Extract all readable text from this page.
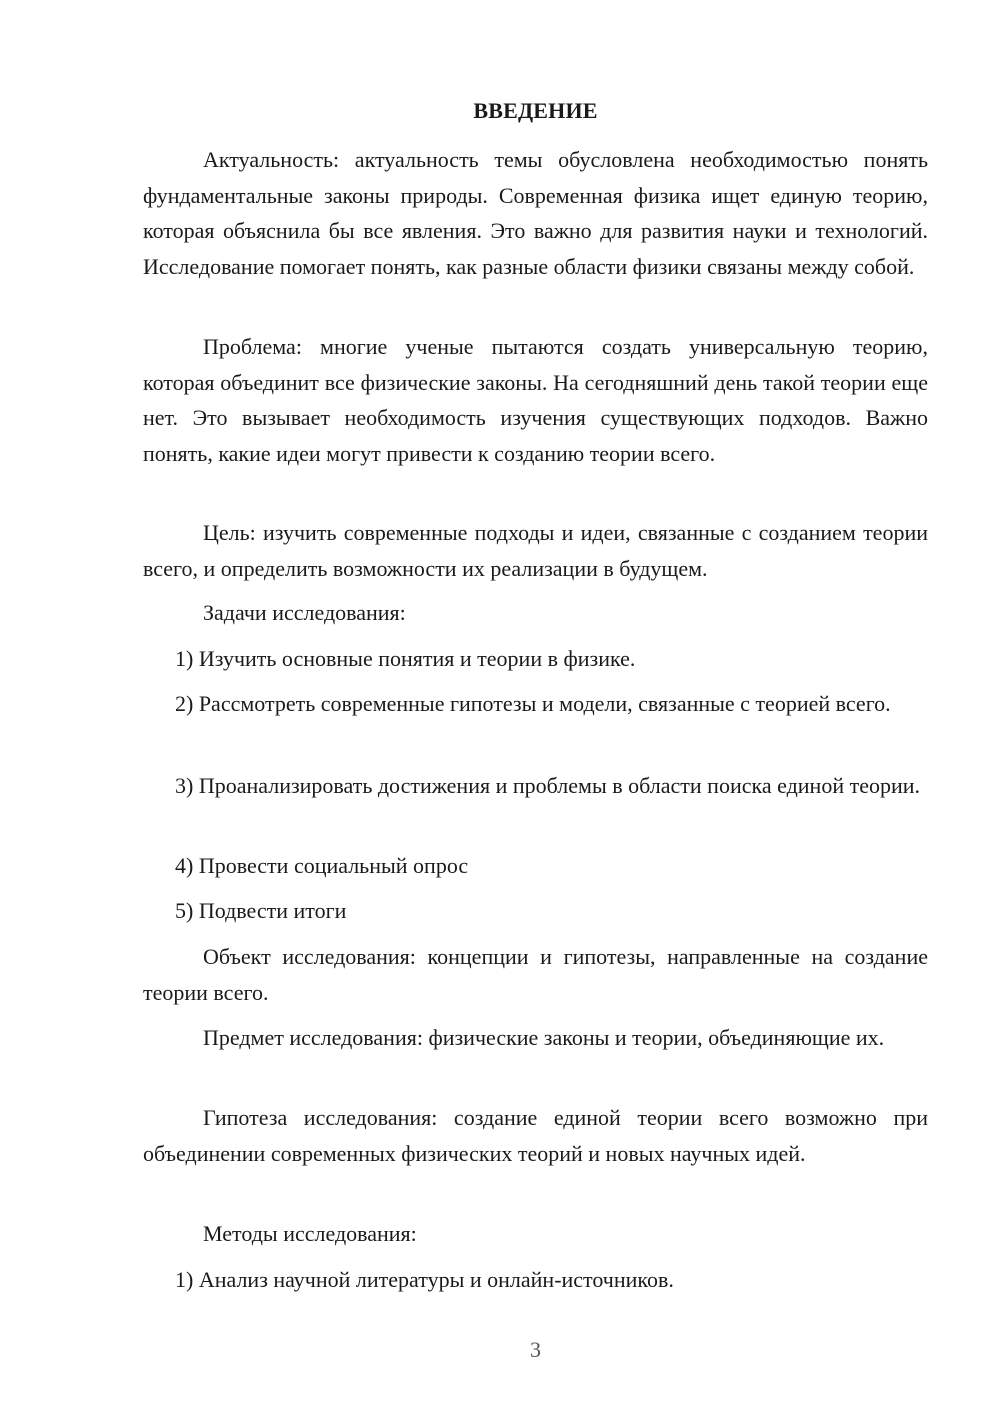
ВВЕДЕНИЕ

Актуальность: актуальность темы обусловлена необходимостью понять фундаментальные законы природы. Современная физика ищет единую теорию, которая объяснила бы все явления. Это важно для развития науки и технологий. Исследование помогает понять, как разные области физики связаны между собой.

Проблема: многие ученые пытаются создать универсальную теорию, которая объединит все физические законы. На сегодняшний день такой теории еще нет. Это вызывает необходимость изучения существующих подходов. Важно понять, какие идеи могут привести к созданию теории всего.

Цель: изучить современные подходы и идеи, связанные с созданием теории всего, и определить возможности их реализации в будущем.

Задачи исследования:

1) Изучить основные понятия и теории в физике.

2) Рассмотреть современные гипотезы и модели, связанные с теорией всего.

3) Проанализировать достижения и проблемы в области поиска единой теории.

4) Провести социальный опрос

5) Подвести итоги

Объект исследования: концепции и гипотезы, направленные на создание теории всего.

Предмет исследования: физические законы и теории, объединяющие их.

Гипотеза исследования: создание единой теории всего возможно при объединении современных физических теорий и новых научных идей.

Методы исследования:

1) Анализ научной литературы и онлайн-источников.

3
